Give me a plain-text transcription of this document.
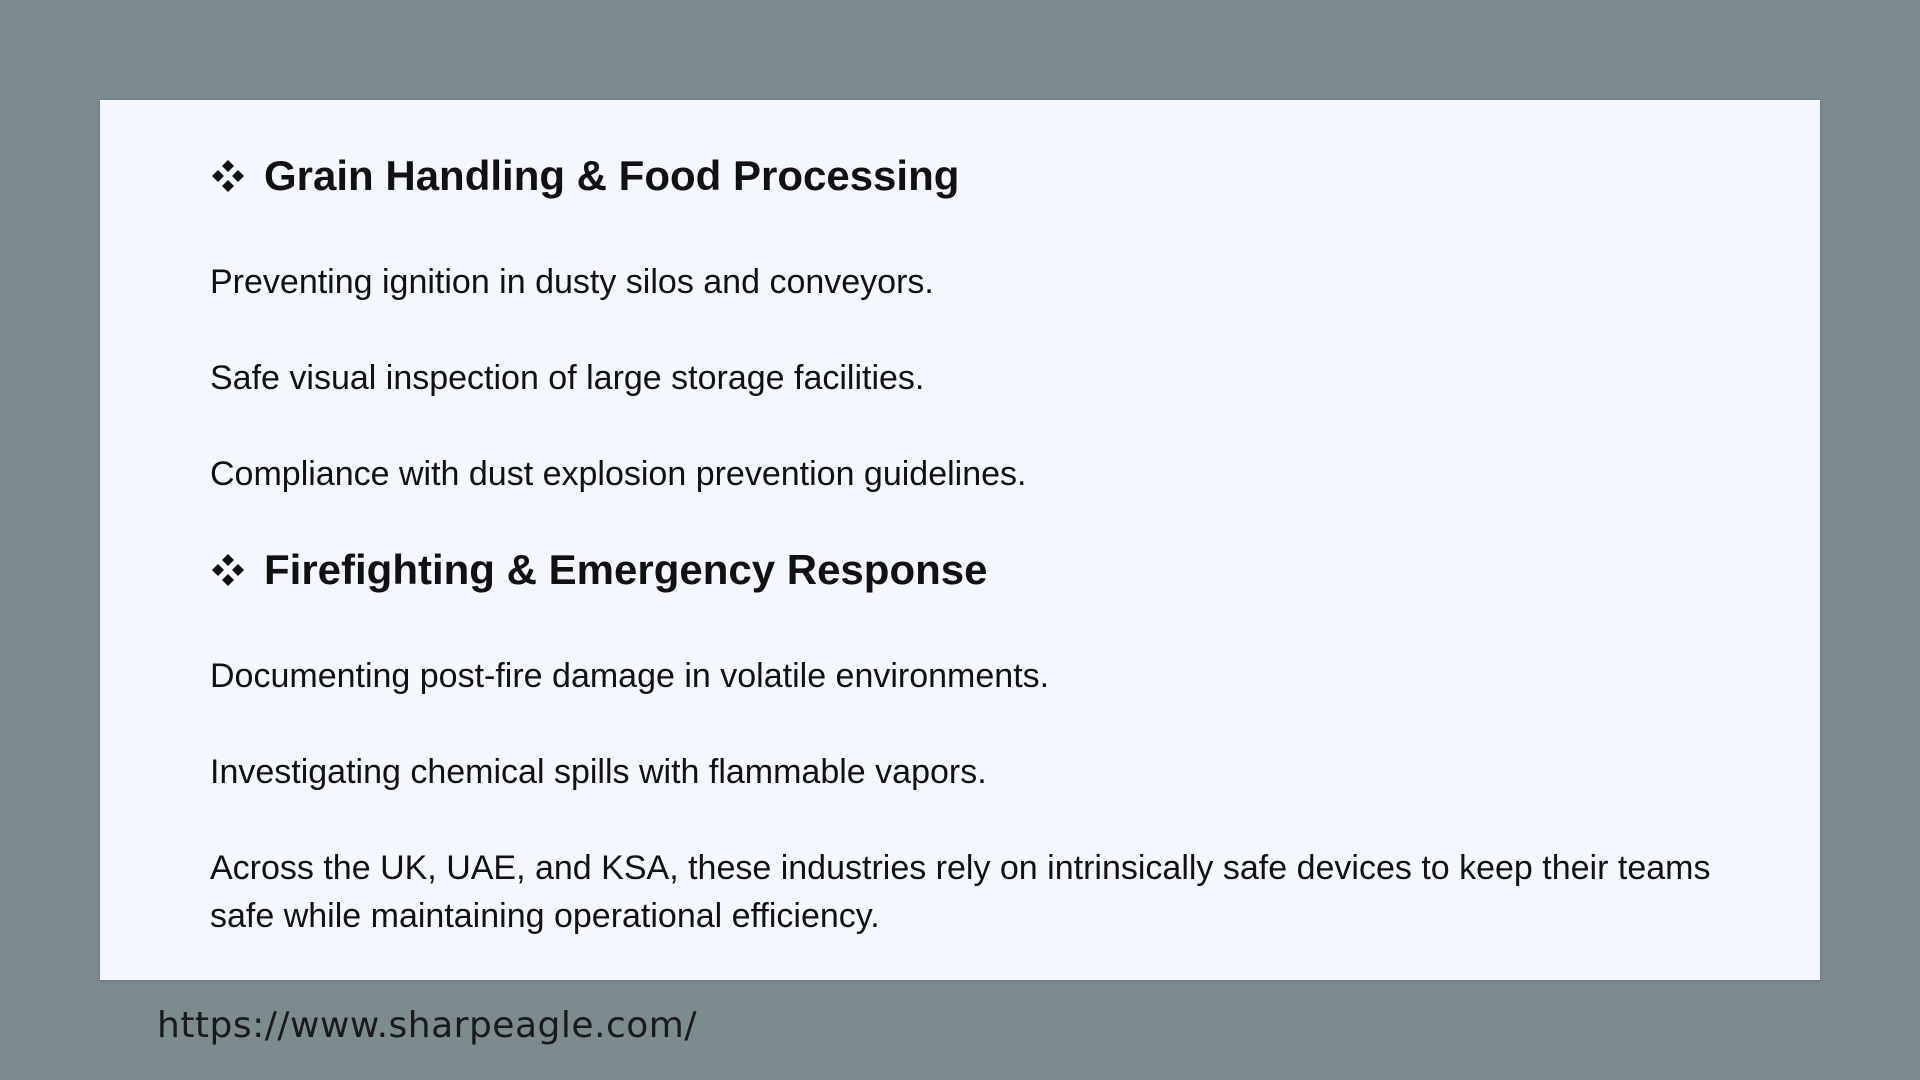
Grain Handling & Food Processing

Preventing ignition in dusty silos and conveyors.

Safe visual inspection of large storage facilities.

Compliance with dust explosion prevention guidelines.

Firefighting & Emergency Response

Documenting post-fire damage in volatile environments.

Investigating chemical spills with flammable vapors.

Across the UK, UAE, and KSA, these industries rely on intrinsically safe devices to keep their teams safe while maintaining operational efficiency.

https://www.sharpeagle.com/
